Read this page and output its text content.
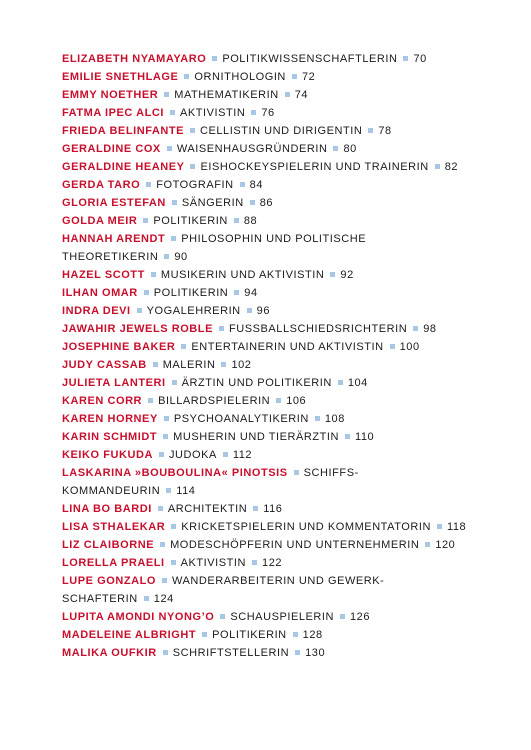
ELIZABETH NYAMAYARO POLITIKWISSENSCHAFTLERIN 70
EMILIE SNETHLAGE ORNITHOLOGIN 72
EMMY NOETHER MATHEMATIKERIN 74
FATMA IPEC ALCI AKTIVISTIN 76
FRIEDA BELINFANTE CELLISTIN UND DIRIGENTIN 78
GERALDINE COX WAISENHAUSGRÜNDERIN 80
GERALDINE HEANEY EISHOCKEYSPIELERIN UND TRAINERIN 82
GERDA TARO FOTOGRAFIN 84
GLORIA ESTEFAN SÄNGERIN 86
GOLDA MEIR POLITIKERIN 88
HANNAH ARENDT PHILOSOPHIN UND POLITISCHE
THEORETIKERIN 90
HAZEL SCOTT MUSIKERIN UND AKTIVISTIN 92
ILHAN OMAR POLITIKERIN 94
INDRA DEVI YOGALEHRERIN 96
JAWAHIR JEWELS ROBLE FUSSBALLSCHIEDSRICHTERIN 98
JOSEPHINE BAKER ENTERTAINERIN UND AKTIVISTIN 100
JUDY CASSAB MALERIN 102
JULIETA LANTERI ÄRZTIN UND POLITIKERIN 104
KAREN CORR BILLARDSPIELERIN 106
KAREN HORNEY PSYCHOANALYTIKERIN 108
KARIN SCHMIDT MUSHERIN UND TIERÄRZTIN 110
KEIKO FUKUDA JUDOKA 112
LASKARINA »BOUBOULINA« PINOTSIS SCHIFFS-
KOMMANDEURIN 114
LINA BO BARDI ARCHITEKTIN 116
LISA STHALEKAR KRICKETSPIELERIN UND KOMMENTATORIN 118
LIZ CLAIBORNE MODESCHÖPFERIN UND UNTERNEHMERIN 120
LORELLA PRAELI AKTIVISTIN 122
LUPE GONZALO WANDERARBEITERIN UND GEWERK-
SCHAFTERIN 124
LUPITA AMONDI NYONG’O SCHAUSPIELERIN 126
MADELEINE ALBRIGHT POLITIKERIN 128
MALIKA OUFKIR SCHRIFTSTELLERIN 130
